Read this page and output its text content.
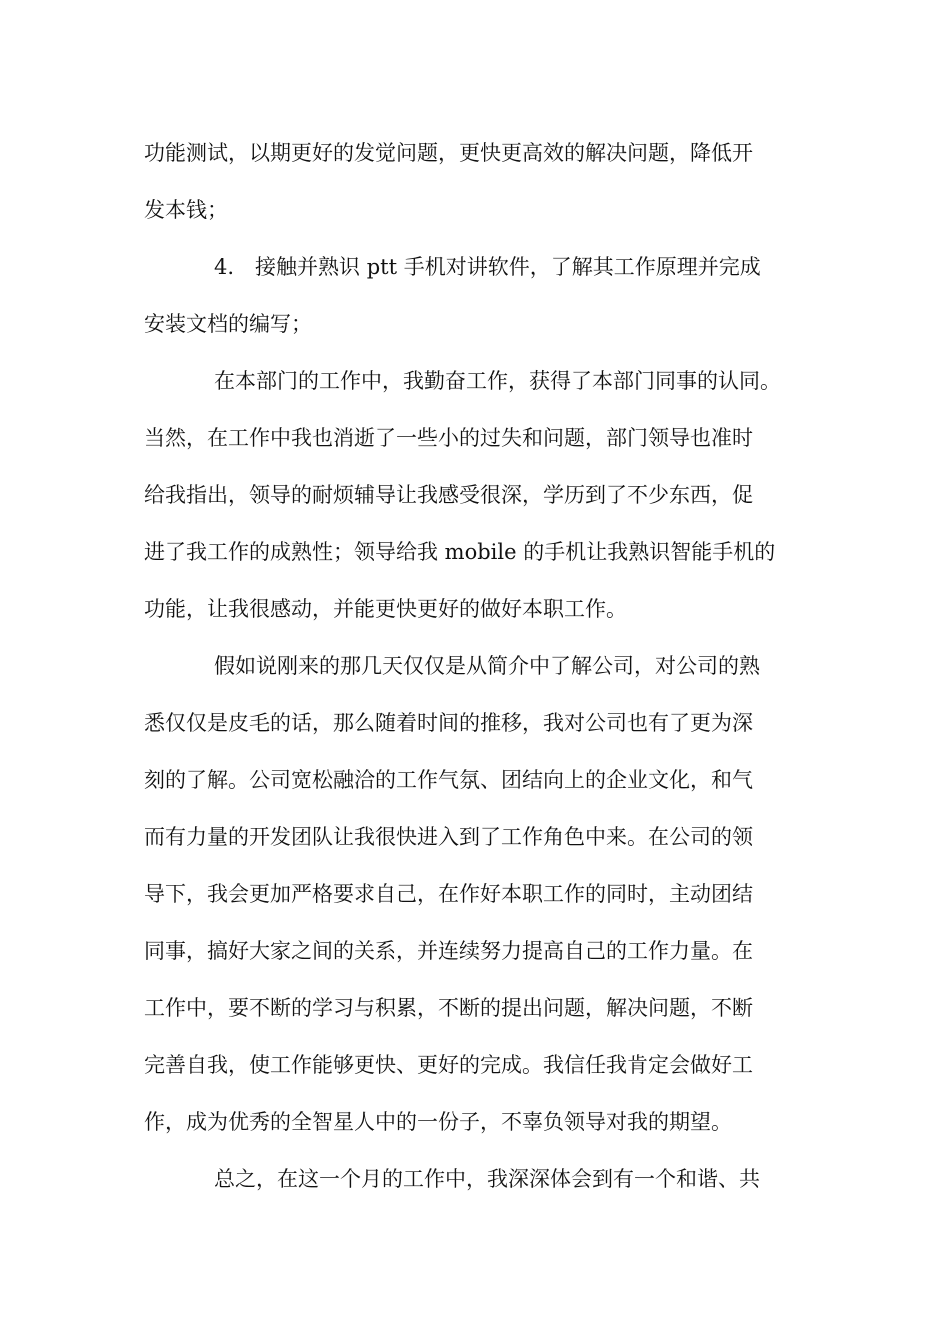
功能测试，以期更好的发觉问题，更快更高效的解决问题，降低开

发本钱；

4.　接触并熟识 ptt 手机对讲软件，了解其工作原理并完成

安装文档的编写；

在本部门的工作中，我勤奋工作，获得了本部门同事的认同。

当然，在工作中我也消逝了一些小的过失和问题，部门领导也准时

给我指出，领导的耐烦辅导让我感受很深，学历到了不少东西，促

进了我工作的成熟性；领导给我 mobile 的手机让我熟识智能手机的

功能，让我很感动，并能更快更好的做好本职工作。

假如说刚来的那几天仅仅是从简介中了解公司，对公司的熟

悉仅仅是皮毛的话，那么随着时间的推移，我对公司也有了更为深

刻的了解。公司宽松融洽的工作气氛、团结向上的企业文化，和气

而有力量的开发团队让我很快进入到了工作角色中来。在公司的领

导下，我会更加严格要求自己，在作好本职工作的同时，主动团结

同事，搞好大家之间的关系，并连续努力提高自己的工作力量。在

工作中，要不断的学习与积累，不断的提出问题，解决问题，不断

完善自我，使工作能够更快、更好的完成。我信任我肯定会做好工

作，成为优秀的全智星人中的一份子，不辜负领导对我的期望。

总之，在这一个月的工作中，我深深体会到有一个和谐、共
